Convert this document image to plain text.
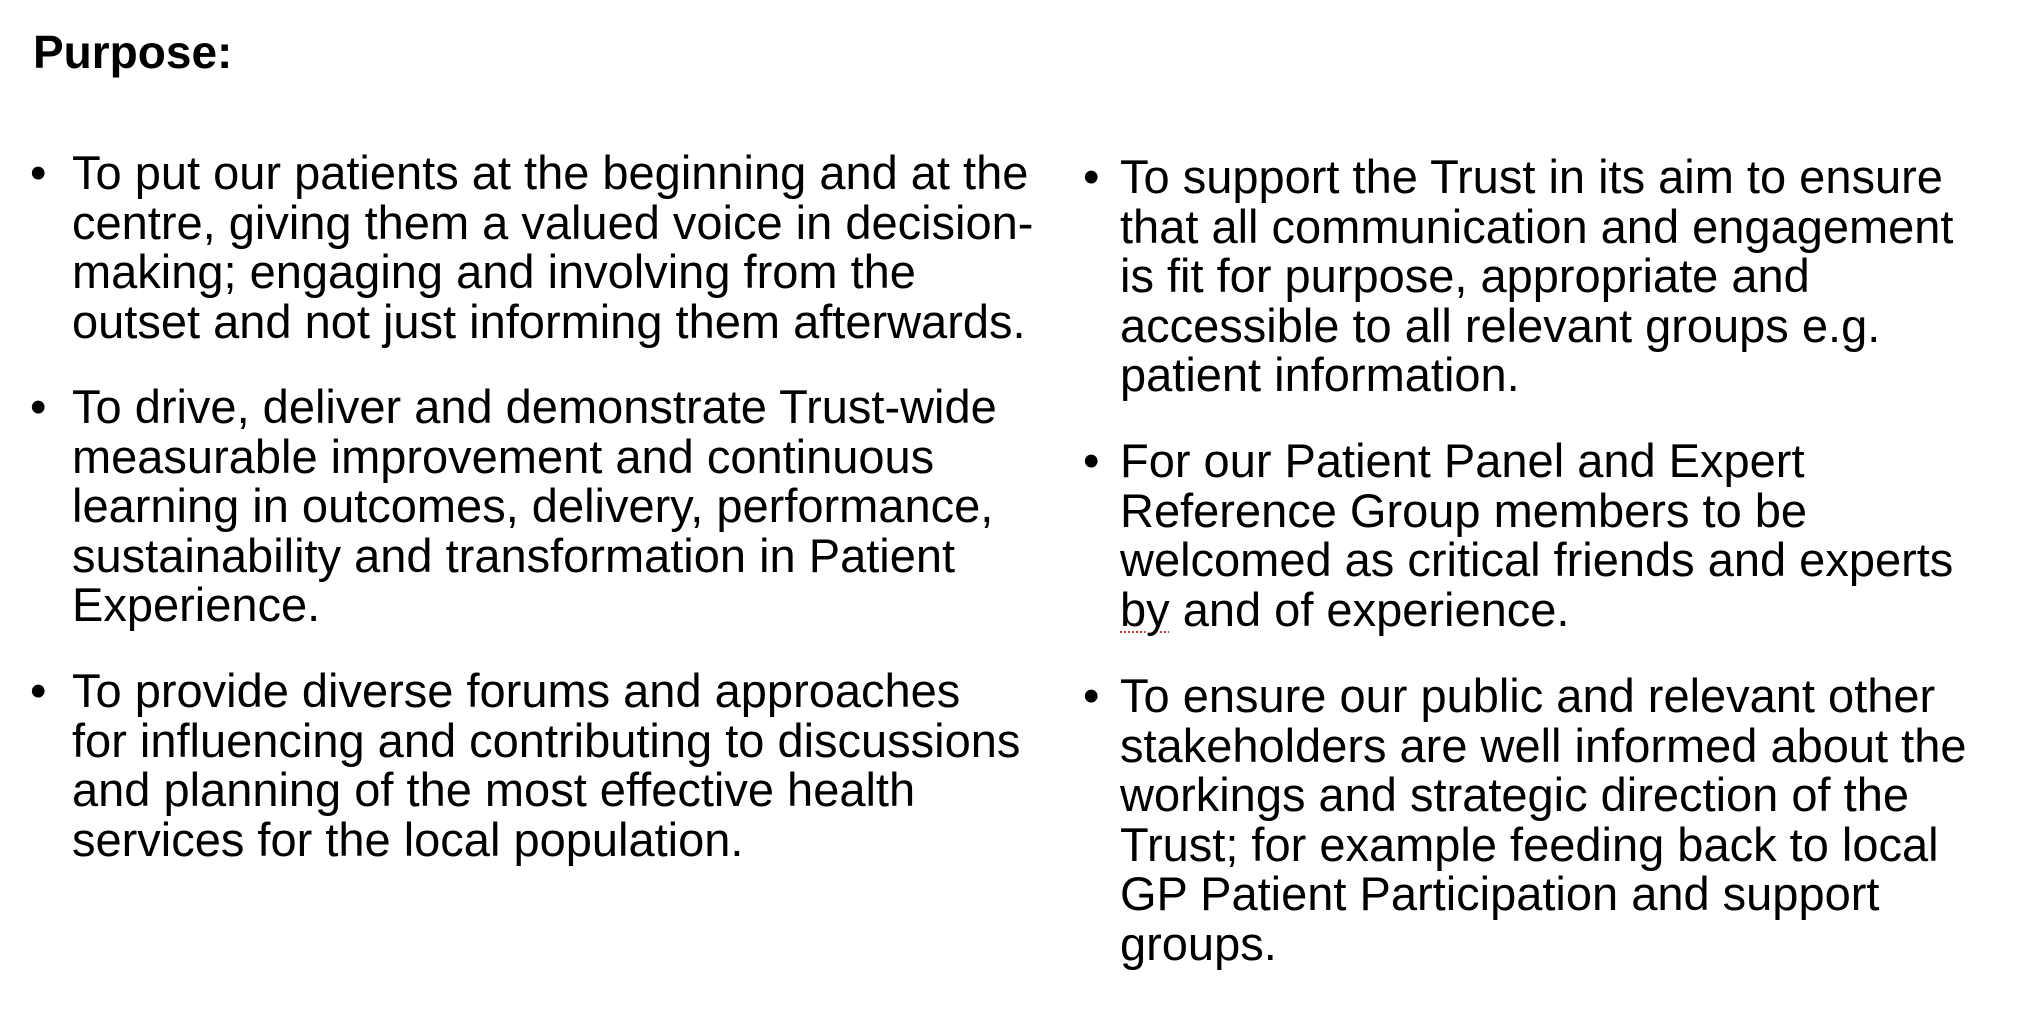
Purpose:
• To put our patients at the beginning and at the
centre, giving them a valued voice in decision-
making; engaging and involving from the
outset and not just informing them afterwards.
• To drive, deliver and demonstrate Trust-wide
measurable improvement and continuous
learning in outcomes, delivery, performance,
sustainability and transformation in Patient
Experience.
• To provide diverse forums and approaches
for influencing and contributing to discussions
and planning of the most effective health
services for the local population.
• To support the Trust in its aim to ensure
that all communication and engagement
is fit for purpose, appropriate and
accessible to all relevant groups e.g.
patient information.
• For our Patient Panel and Expert
Reference Group members to be
welcomed as critical friends and experts
by and of experience.
• To ensure our public and relevant other
stakeholders are well informed about the
workings and strategic direction of the
Trust; for example feeding back to local
GP Patient Participation and support
groups.
